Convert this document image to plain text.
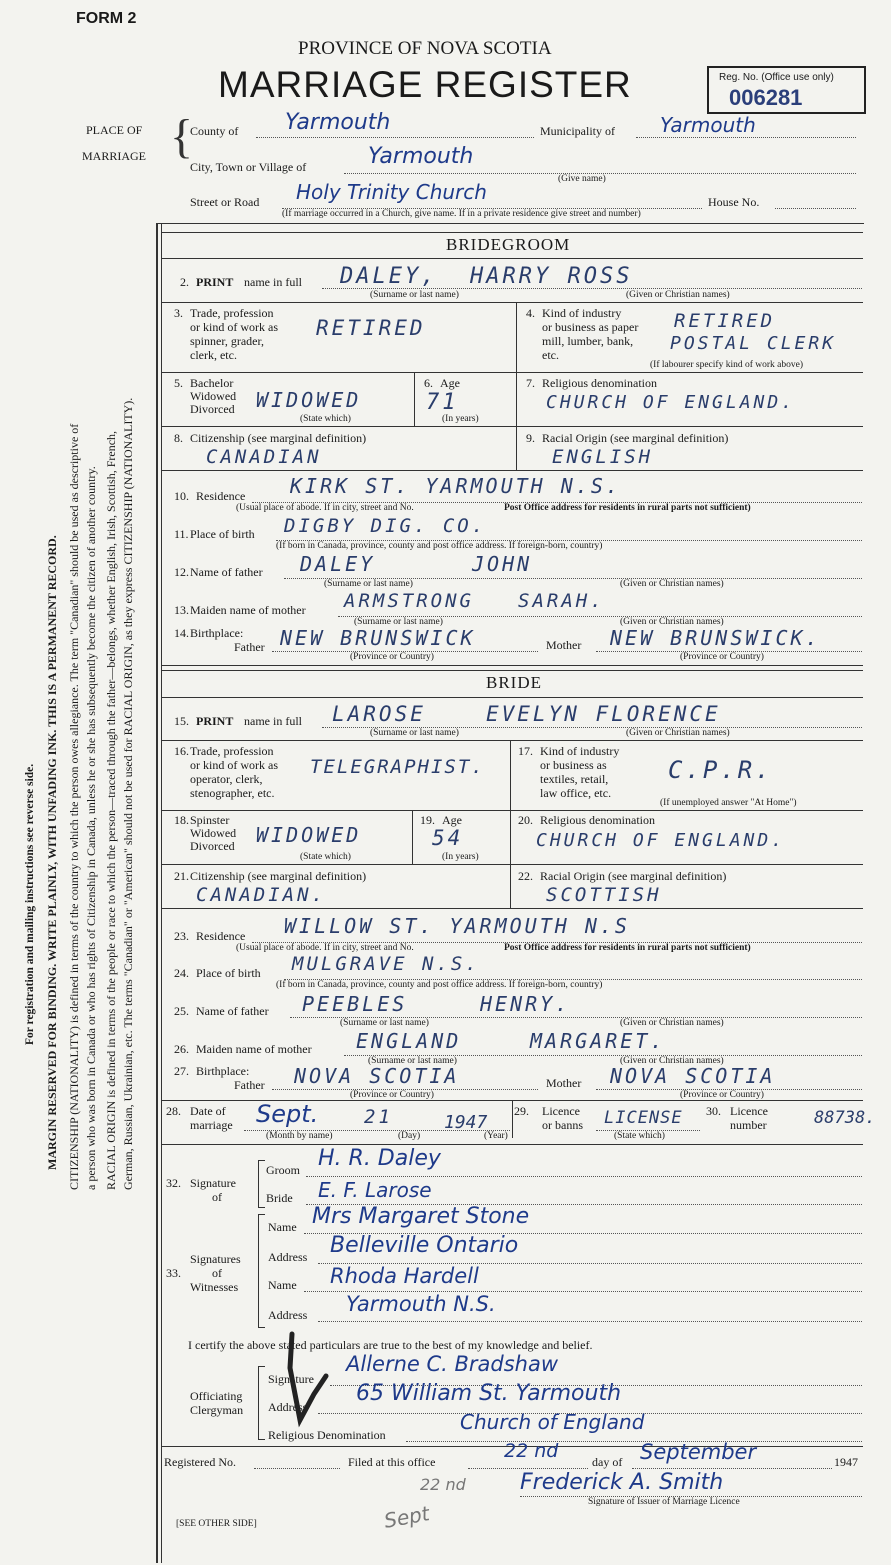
FORM 2
PROVINCE OF NOVA SCOTIA
MARRIAGE REGISTER	Reg. No. (Office use only)
006281
PLACE OF
MARRIAGE {
County of Yarmouth	Municipality of Yarmouth
City, Town or Village of	Yarmouth
(Give name)
Street or Road Holy Trinity Church	House No.
(If marriage occurred in a Church, give name. If in a private residence give street and number)
For registration and mailing instructions see reverse side. MARGIN RESERVED FOR BINDING. WRITE PLAINLY, WITH UNFADING INK. THIS IS A PERMANENT RECORD. CITIZENSHIP (NATIONALITY) is defined in terms of the country to which the person owes allegiance. The term "Canadian" should be used as descriptive of a person who was born in Canada or who has rights of Citizenship in Canada, unless he or she has subsequently become the citizen of another country. RACIAL ORIGIN is defined in terms of the people or race to which the person—traced through the father—belongs, whether English, Irish, Scottish, French, German, Russian, Ukrainian, etc. The terms "Canadian" or "American" should not be used for RACIAL ORIGIN, as they express CITIZENSHIP (NATIONALITY).
BRIDEGROOM
2. PRINT name in full DALEY, HARRY ROSS
(Surname or last name)	(Given or Christian names)
3. Trade, profession
or kind of work as
spinner, grader,
clerk, etc.
RETIRED
4. Kind of industry
or business as paper
mill, lumber, bank,
etc.
RETIRED
POSTAL CLERK
(If labourer specify kind of work above)
5. Bachelor
Widowed
Divorced WIDOWED
(State which)
6. Age
71
(In years)
7. Religious denomination
CHURCH OF ENGLAND.
8. Citizenship (see marginal definition)
CANADIAN
9. Racial Origin (see marginal definition)
ENGLISH
10. Residence KIRK ST. YARMOUTH N.S.
(Usual place of abode. If in city, street and No.	Post Office address for residents in rural parts not sufficient)
11. Place of birth DIGBY DIG. CO.
(If born in Canada, province, county and post office address. If foreign-born, country)
12. Name of father DALEY	JOHN
(Surname or last name)	(Given or Christian names)
13. Maiden name of mother ARMSTRONG SARAH.
(Surname or last name)	(Given or Christian names)
14. Birthplace:
Father NEW BRUNSWICK	Mother NEW BRUNSWICK.
(Province or Country)	(Province or Country)
BRIDE
15. PRINT name in full LAROSE	EVELYN FLORENCE
(Surname or last name)	(Given or Christian names)
16. Trade, profession
or kind of work as
operator, clerk,
stenographer, etc.
TELEGRAPHIST.
17. Kind of industry
or business as
textiles, retail,
law office, etc.
C.P.R.
(If unemployed answer "At Home")
18. Spinster
Widowed
Divorced WIDOWED
(State which)
19. Age
54
(In years)
20. Religious denomination
CHURCH OF ENGLAND.
21. Citizenship (see marginal definition)
CANADIAN.
22. Racial Origin (see marginal definition)
SCOTTISH
23. Residence WILLOW ST. YARMOUTH N.S
(Usual place of abode. If in city, street and No.	Post Office address for residents in rural parts not sufficient)
24. Place of birth MULGRAVE N.S.
(If born in Canada, province, county and post office address. If foreign-born, country)
25. Name of father PEEBLES	HENRY.
(Surname or last name)	(Given or Christian names)
26. Maiden name of mother ENGLAND	MARGARET.
(Surname or last name)	(Given or Christian names)
27. Birthplace:
Father NOVA SCOTIA	Mother NOVA SCOTIA
(Province or Country)	(Province or Country)
28. Date of
marriage Sept. 21	1947
(Month by name)	(Day)	(Year)
29. Licence
or banns LICENSE
(State which)
30. Licence
number	88738.
32. Signature
of
Groom H. R. Daley
Bride E. F. Larose
33.
Signatures
of
Witnesses
Name Mrs Margaret Stone
Address Belleville Ontario
Name Rhoda Hardell
Address Yarmouth N.S.
I certify the above stated particulars are true to the best of my knowledge and belief.
Officiating
Clergyman
Signature
Allerne C. Bradshaw
Address
65 William St. Yarmouth
Religious Denomination
Church of England
Registered No.	Filed at this office	22 nd	day of September	1947
Frederick A. Smith
Signature of Issuer of Marriage Licence
[SEE OTHER SIDE]
22 nd
Sept
